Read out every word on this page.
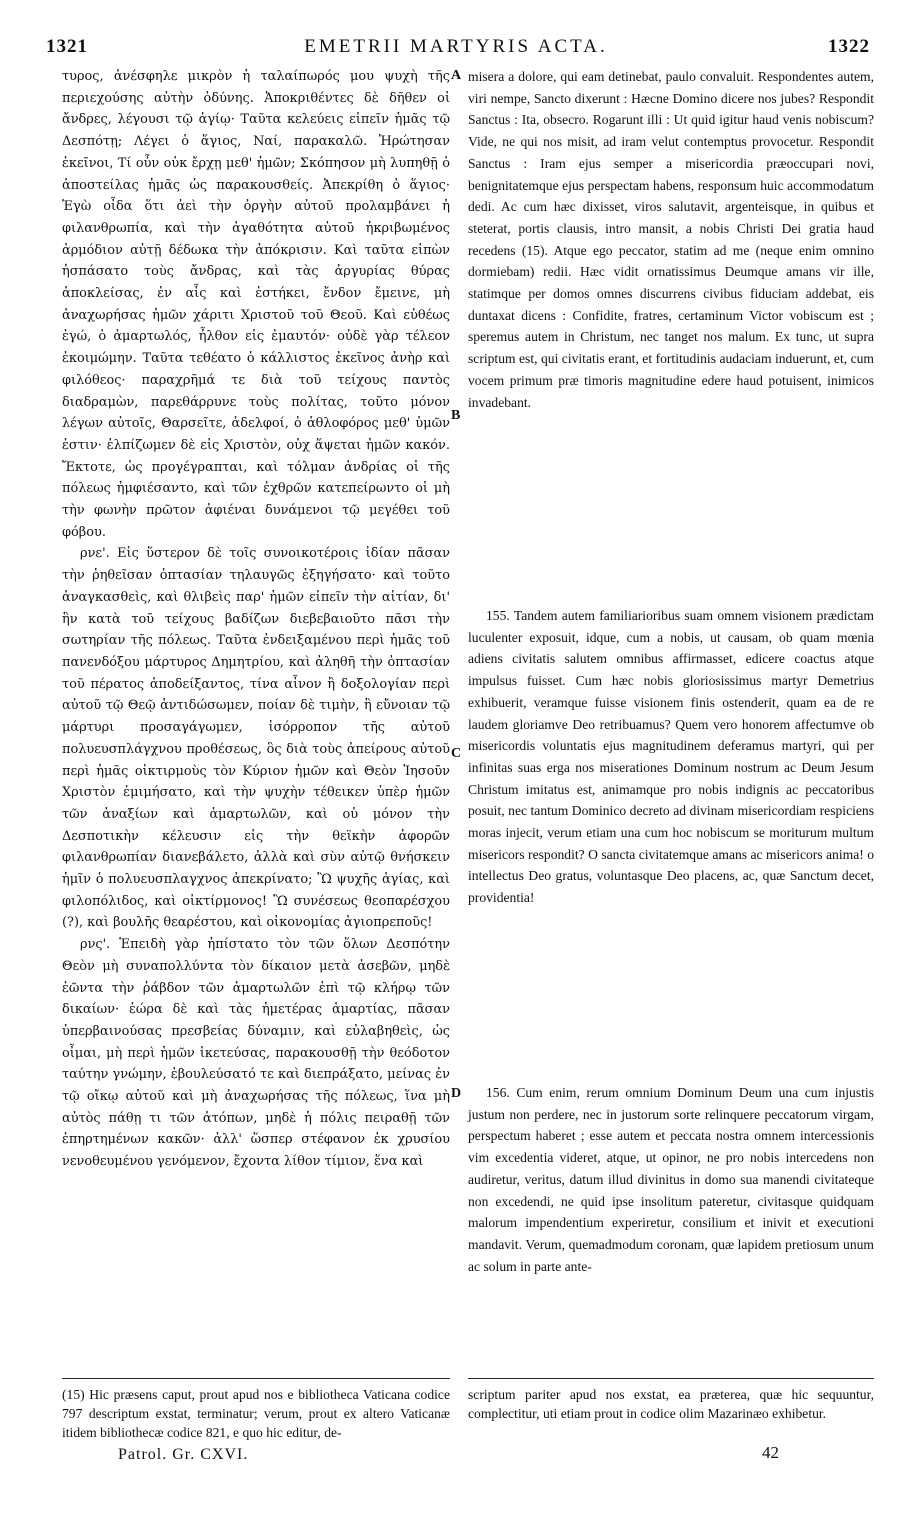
1321	EMETRII MARTYRIS ACTA.	1322

τυρος, ἀνέσφηλε μικρὸν ἡ ταλαίπωρός μου ψυχὴ τῆς περιεχούσης αὐτὴν ὀδύνης. Ἀποκριθέντες δὲ δῆθεν οἱ ἄνδρες, λέγουσι τῷ ἁγίῳ· Ταῦτα κελεύεις εἰπεῖν ἡμᾶς τῷ Δεσπότῃ; Λέγει ὁ ἅγιος, Ναί, παρακαλῶ. Ἠρώτησαν ἐκεῖνοι, Τί οὖν οὐκ ἔρχῃ μεθ' ἡμῶν; Σκόπησον μὴ λυπηθῇ ὁ ἀποστείλας ἡμᾶς ὡς παρακουσθείς. Ἀπεκρίθη ὁ ἅγιος· Ἐγὼ οἶδα ὅτι ἀεὶ τὴν ὀργὴν αὐτοῦ προλαμβάνει ἡ φιλανθρωπία, καὶ τὴν ἀγαθότητα αὐτοῦ ἠκριβωμένος ἁρμόδιον αὐτῇ δέδωκα τὴν ἀπόκρισιν. Καὶ ταῦτα εἰπὼν ἠσπάσατο τοὺς ἄνδρας, καὶ τὰς ἀργυρίας θύρας ἀποκλείσας, ἐν αἷς καὶ ἑστήκει, ἔνδον ἔμεινε, μὴ ἀναχωρήσας ἡμῶν χάριτι Χριστοῦ τοῦ Θεοῦ. Καὶ εὐθέως ἐγώ, ὁ ἁμαρτωλός, ἦλθον εἰς ἐμαυτόν· οὐδὲ γὰρ τέλεον ἐκοιμώμην. Ταῦτα τεθέατο ὁ κάλλιστος ἐκεῖνος ἀνὴρ καὶ φιλόθεος· παραχρῆμά τε διὰ τοῦ τείχους παντὸς διαδραμὼν, παρεθάρρυνε τοὺς πολίτας, τοῦτο μόνον λέγων αὐτοῖς, Θαρσεῖτε, ἀδελφοί, ὁ ἀθλοφόρος μεθ' ὑμῶν ἐστιν· ἐλπίζωμεν δὲ εἰς Χριστὸν, οὐχ ἅψεται ἡμῶν κακόν. Ἔκτοτε, ὡς προγέγραπται, καὶ τόλμαν ἀνδρίας οἱ τῆς πόλεως ἠμφιέσαντο, καὶ τῶν ἐχθρῶν κατεπείρωντο οἱ μὴ τὴν φωνὴν πρῶτον ἀφιέναι δυνάμενοι τῷ μεγέθει τοῦ φόβου.

ρνε'. Εἰς ὕστερον δὲ τοῖς συνοικοτέροις ἰδίαν πᾶσαν τὴν ῥηθεῖσαν ὀπτασίαν τηλαυγῶς ἐξηγήσατο· καὶ τοῦτο ἀναγκασθεὶς, καὶ θλιβεὶς παρ' ἡμῶν εἰπεῖν τὴν αἰτίαν, δι' ἣν κατὰ τοῦ τείχους βαδίζων διεβεβαιοῦτο πᾶσι τὴν σωτηρίαν τῆς πόλεως. Ταῦτα ἐνδειξαμένου περὶ ἡμᾶς τοῦ πανενδόξου μάρτυρος Δημητρίου, καὶ ἀληθῆ τὴν ὀπτασίαν τοῦ πέρατος ἀποδείξαντος, τίνα αἶνον ἢ δοξολογίαν περὶ αὐτοῦ τῷ Θεῷ ἀντιδώσωμεν, ποίαν δὲ τιμὴν, ἢ εὔνοιαν τῷ μάρτυρι προσαγάγωμεν, ἰσόρροπον τῆς αὐτοῦ πολυευσπλάγχνου προθέσεως, ὃς διὰ τοὺς ἀπείρους αὐτοῦ περὶ ἡμᾶς οἰκτιρμοὺς τὸν Κύριον ἡμῶν καὶ Θεὸν Ἰησοῦν Χριστὸν ἐμιμήσατο, καὶ τὴν ψυχὴν τέθεικεν ὑπὲρ ἡμῶν τῶν ἀναξίων καὶ ἁμαρτωλῶν, καὶ οὐ μόνον τὴν Δεσποτικὴν κέλευσιν εἰς τὴν θεϊκὴν ἀφορῶν φιλανθρωπίαν διανεβάλετο, ἀλλὰ καὶ σὺν αὐτῷ θνήσκειν ἡμῖν ὁ πολυευσπλαγχνος ἀπεκρίνατο; Ὢ ψυχῆς ἁγίας, καὶ φιλοπόλιδος, καὶ οἰκτίρμονος! Ὢ συνέσεως θεοπαρέσχου (?), καὶ βουλῆς θεαρέστου, καὶ οἰκονομίας ἁγιοπρεποῦς!

ρνς'. Ἐπειδὴ γὰρ ἠπίστατο τὸν τῶν ὅλων Δεσπότην Θεὸν μὴ συναπολλύντα τὸν δίκαιον μετὰ ἀσεβῶν, μηδὲ ἐῶντα τὴν ῥάβδον τῶν ἁμαρτωλῶν ἐπὶ τῷ κλήρῳ τῶν δικαίων· ἑώρα δὲ καὶ τὰς ἡμετέρας ἁμαρτίας, πᾶσαν ὑπερβαινούσας πρεσβείας δύναμιν, καὶ εὐλαβηθεὶς, ὡς οἶμαι, μὴ περὶ ἡμῶν ἱκετεύσας, παρακουσθῇ τὴν θεόδοτον ταύτην γνώμην, ἐβουλεύσατό τε καὶ διεπράξατο, μείνας ἐν τῷ οἴκῳ αὐτοῦ καὶ μὴ ἀναχωρήσας τῆς πόλεως, ἵνα μὴ αὐτὸς πάθῃ τι τῶν ἀτόπων, μηδὲ ἡ πόλις πειραθῇ τῶν ἐπηρτημένων κακῶν· ἀλλ' ὥσπερ στέφανον ἐκ χρυσίου νενοθευμένου γενόμενον, ἔχοντα λίθον τίμιον, ἕνα καὶ

A
B
C
D

misera a dolore, qui eam detinebat, paulo convaluit. Respondentes autem, viri nempe, Sancto dixerunt : Hæcne Domino dicere nos jubes? Respondit Sanctus : Ita, obsecro. Rogarunt illi : Ut quid igitur haud venis nobiscum? Vide, ne qui nos misit, ad iram velut contemptus provocetur. Respondit Sanctus : Iram ejus semper a misericordia præoccupari novi, benignitatemque ejus perspectam habens, responsum huic accommodatum dedi. Ac cum hæc dixisset, viros salutavit, argenteisque, in quibus et steterat, portis clausis, intro mansit, a nobis Christi Dei gratia haud recedens (15). Atque ego peccator, statim ad me (neque enim omnino dormiebam) redii. Hæc vidit ornatissimus Deumque amans vir ille, statimque per domos omnes discurrens civibus fiduciam addebat, eis duntaxat dicens : Confidite, fratres, certaminum Victor vobiscum est ; speremus autem in Christum, nec tanget nos malum. Ex tunc, ut supra scriptum est, qui civitatis erant, et fortitudinis audaciam induerunt, et, cum vocem primum præ timoris magnitudine edere haud potuisent, inimicos invadebant.

155. Tandem autem familiarioribus suam omnem visionem prædictam luculenter exposuit, idque, cum a nobis, ut causam, ob quam mœnia adiens civitatis salutem omnibus affirmasset, edicere coactus atque impulsus fuisset. Cum hæc nobis gloriosissimus martyr Demetrius exhibuerit, veramque fuisse visionem finis ostenderit, quam ea de re laudem gloriamve Deo retribuamus? Quem vero honorem affectumve ob misericordis voluntatis ejus magnitudinem deferamus martyri, qui per infinitas suas erga nos miserationes Dominum nostrum ac Deum Jesum Christum imitatus est, animamque pro nobis indignis ac peccatoribus posuit, nec tantum Dominico decreto ad divinam misericordiam respiciens moras injecit, verum etiam una cum hoc nobiscum se moriturum multum misericors respondit? O sancta civitatemque amans ac misericors anima! o intellectus Deo gratus, voluntasque Deo placens, ac, quæ Sanctum decet, providentia!

156. Cum enim, rerum omnium Dominum Deum una cum injustis justum non perdere, nec in justorum sorte relinquere peccatorum virgam, perspectum haberet ; esse autem et peccata nostra omnem intercessionis vim excedentia videret, atque, ut opinor, ne pro nobis intercedens non audiretur, veritus, datum illud divinitus in domo sua manendi civitateque non excedendi, ne quid ipse insolitum pateretur, civitasque quidquam malorum impendentium experiretur, consilium et inivit et executioni mandavit. Verum, quemadmodum coronam, quæ lapidem pretiosum unum ac solum in parte ante-

(15) Hic præsens caput, prout apud nos e bibliotheca Vaticana codice 797 descriptum exstat, terminatur; verum, prout ex altero Vaticanæ itidem bibliothecæ codice 821, e quo hic editur, de-
scriptum pariter apud nos exstat, ea præterea, quæ hic sequuntur, complectitur, uti etiam prout in codice olim Mazarinæo exhibetur.
Patrol. Gr. CXVI.	42
